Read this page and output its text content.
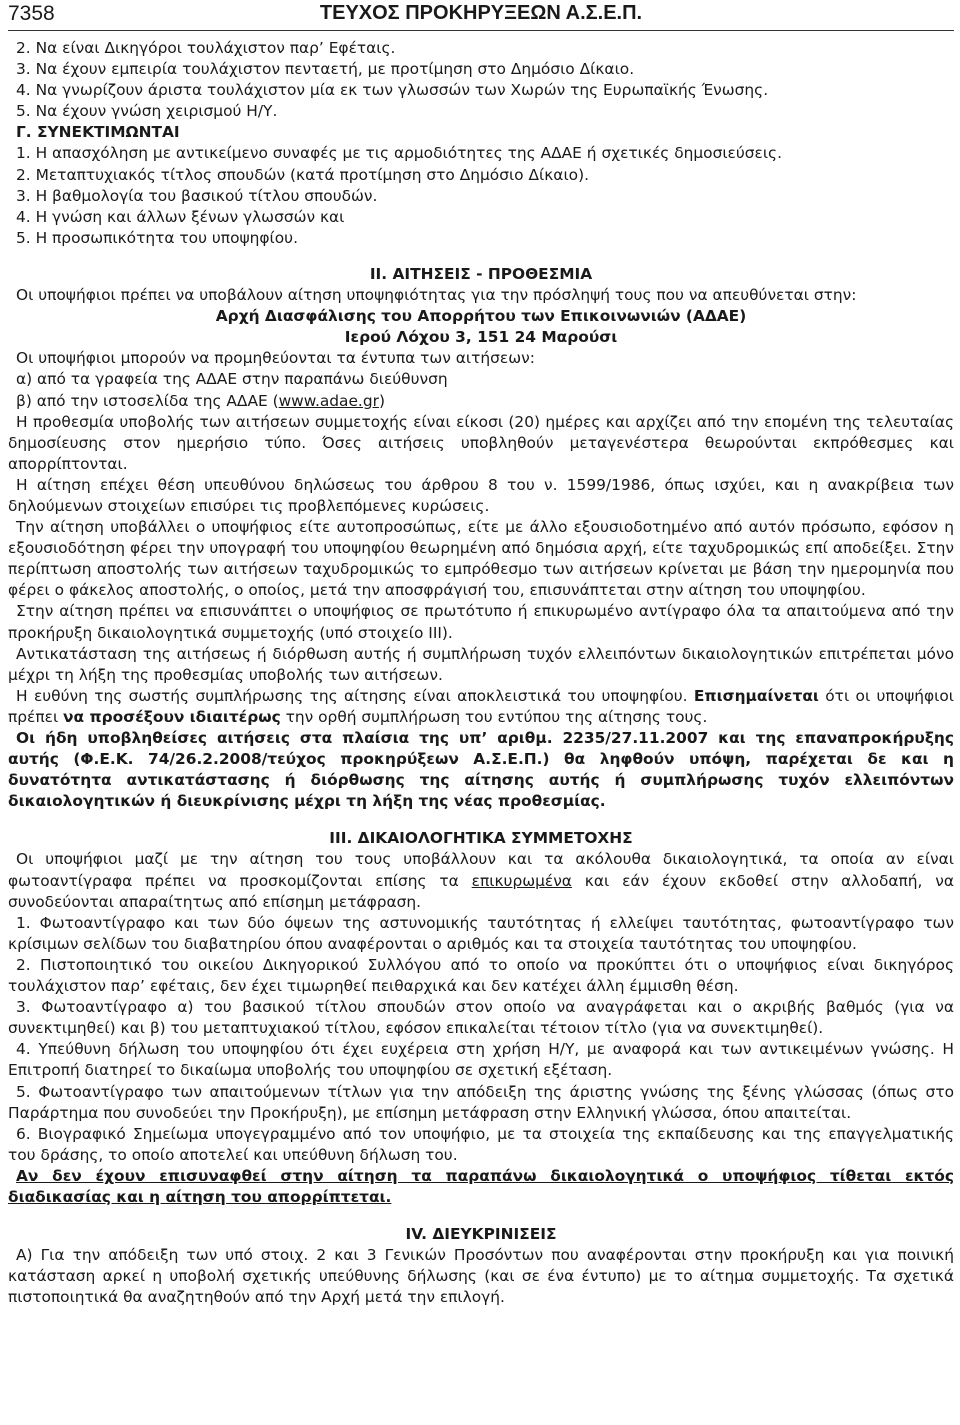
7358	ΤΕΥΧΟΣ ΠΡΟΚΗΡΥΞΕΩΝ Α.Σ.Ε.Π.

2. Να είναι Δικηγόροι τουλάχιστον παρ’ Εφέταις.

3. Να έχουν εμπειρία τουλάχιστον πενταετή, με προτίμηση στο Δημόσιο Δίκαιο.

4. Να γνωρίζουν άριστα τουλάχιστον μία εκ των γλωσσών των Χωρών της Ευρωπαϊκής Ένωσης.

5. Να έχουν γνώση χειρισμού Η/Υ.

Γ. ΣΥΝΕΚΤΙΜΩΝΤΑΙ

1. Η απασχόληση με αντικείμενο συναφές με τις αρμοδιότητες της ΑΔΑΕ ή σχετικές δημοσιεύσεις.

2. Μεταπτυχιακός τίτλος σπουδών (κατά προτίμηση στο Δημόσιο Δίκαιο).

3. Η βαθμολογία του βασικού τίτλου σπουδών.

4. Η γνώση και άλλων ξένων γλωσσών και

5. Η προσωπικότητα του υποψηφίου.

ΙΙ. ΑΙΤΗΣΕΙΣ - ΠΡΟΘΕΣΜΙΑ

Οι υποψήφιοι πρέπει να υποβάλουν αίτηση υποψηφιότητας για την πρόσληψή τους που να απευθύνεται στην:

Αρχή Διασφάλισης του Απορρήτου των Επικοινωνιών (ΑΔΑΕ)

Ιερού Λόχου 3, 151 24 Μαρούσι

Οι υποψήφιοι μπορούν να προμηθεύονται τα έντυπα των αιτήσεων:

α) από τα γραφεία της ΑΔΑΕ στην παραπάνω διεύθυνση

β) από την ιστοσελίδα της ΑΔΑΕ (www.adae.gr)

Η προθεσμία υποβολής των αιτήσεων συμμετοχής είναι είκοσι (20) ημέρες και αρχίζει από την επομένη της τελευταίας δημοσίευσης στον ημερήσιο τύπο. Όσες αιτήσεις υποβληθούν μεταγενέστερα θεωρούνται εκπρόθεσμες και απορρίπτονται.

Η αίτηση επέχει θέση υπευθύνου δηλώσεως του άρθρου 8 του ν. 1599/1986, όπως ισχύει, και η ανακρίβεια των δηλούμενων στοιχείων επισύρει τις προβλεπόμενες κυρώσεις.

Την αίτηση υποβάλλει ο υποψήφιος είτε αυτοπροσώπως, είτε με άλλο εξουσιοδοτημένο από αυτόν πρόσωπο, εφόσον η εξουσιοδότηση φέρει την υπογραφή του υποψηφίου θεωρημένη από δημόσια αρχή, είτε ταχυδρομικώς επί αποδείξει. Στην περίπτωση αποστολής των αιτήσεων ταχυδρομικώς το εμπρόθεσμο των αιτήσεων κρίνεται με βάση την ημερομηνία που φέρει ο φάκελος αποστολής, ο οποίος, μετά την αποσφράγισή του, επισυνάπτεται στην αίτηση του υποψηφίου.

Στην αίτηση πρέπει να επισυνάπτει ο υποψήφιος σε πρωτότυπο ή επικυρωμένο αντίγραφο όλα τα απαιτούμενα από την προκήρυξη δικαιολογητικά συμμετοχής (υπό στοιχείο ΙΙΙ).

Αντικατάσταση της αιτήσεως ή διόρθωση αυτής ή συμπλήρωση τυχόν ελλειπόντων δικαιολογητικών επιτρέπεται μόνο μέχρι τη λήξη της προθεσμίας υποβολής των αιτήσεων.

Η ευθύνη της σωστής συμπλήρωσης της αίτησης είναι αποκλειστικά του υποψηφίου. Επισημαίνεται ότι οι υποψήφιοι πρέπει να προσέξουν ιδιαιτέρως την ορθή συμπλήρωση του εντύπου της αίτησης τους.

Οι ήδη υποβληθείσες αιτήσεις στα πλαίσια της υπ’ αριθμ. 2235/27.11.2007 και της επαναπροκήρυξης αυτής (Φ.Ε.Κ. 74/26.2.2008/τεύχος προκηρύξεων Α.Σ.Ε.Π.) θα ληφθούν υπόψη, παρέχεται δε και η δυνατότητα αντικατάστασης ή διόρθωσης της αίτησης αυτής ή συμπλήρωσης τυχόν ελλειπόντων δικαιολογητικών ή διευκρίνισης μέχρι τη λήξη της νέας προθεσμίας.

ΙΙΙ. ΔΙΚΑΙΟΛΟΓΗΤΙΚΑ ΣΥΜΜΕΤΟΧΗΣ

Οι υποψήφιοι μαζί με την αίτηση του τους υποβάλλουν και τα ακόλουθα δικαιολογητικά, τα οποία αν είναι φωτοαντίγραφα πρέπει να προσκομίζονται επίσης τα επικυρωμένα και εάν έχουν εκδοθεί στην αλλοδαπή, να συνοδεύονται απαραίτητως από επίσημη μετάφραση.

1. Φωτοαντίγραφο και των δύο όψεων της αστυνομικής ταυτότητας ή ελλείψει ταυτότητας, φωτοαντίγραφο των κρίσιμων σελίδων του διαβατηρίου όπου αναφέρονται ο αριθμός και τα στοιχεία ταυτότητας του υποψηφίου.

2. Πιστοποιητικό του οικείου Δικηγορικού Συλλόγου από το οποίο να προκύπτει ότι ο υποψήφιος είναι δικηγόρος τουλάχιστον παρ’ εφέταις, δεν έχει τιμωρηθεί πειθαρχικά και δεν κατέχει άλλη έμμισθη θέση.

3. Φωτοαντίγραφο α) του βασικού τίτλου σπουδών στον οποίο να αναγράφεται και ο ακριβής βαθμός (για να συνεκτιμηθεί) και β) του μεταπτυχιακού τίτλου, εφόσον επικαλείται τέτοιον τίτλο (για να συνεκτιμηθεί).

4. Υπεύθυνη δήλωση του υποψηφίου ότι έχει ευχέρεια στη χρήση Η/Υ, με αναφορά και των αντικειμένων γνώσης. Η Επιτροπή διατηρεί το δικαίωμα υποβολής του υποψηφίου σε σχετική εξέταση.

5. Φωτοαντίγραφο των απαιτούμενων τίτλων για την απόδειξη της άριστης γνώσης της ξένης γλώσσας (όπως στο Παράρτημα που συνοδεύει την Προκήρυξη), με επίσημη μετάφραση στην Ελληνική γλώσσα, όπου απαιτείται.

6. Βιογραφικό Σημείωμα υπογεγραμμένο από τον υποψήφιο, με τα στοιχεία της εκπαίδευσης και της επαγγελματικής του δράσης, το οποίο αποτελεί και υπεύθυνη δήλωση του.

Αν δεν έχουν επισυναφθεί στην αίτηση τα παραπάνω δικαιολογητικά ο υποψήφιος τίθεται εκτός διαδικασίας και η αίτηση του απορρίπτεται.

IV. ΔΙΕΥΚΡΙΝΙΣΕΙΣ

Α) Για την απόδειξη των υπό στοιχ. 2 και 3 Γενικών Προσόντων που αναφέρονται στην προκήρυξη και για ποινική κατάσταση αρκεί η υποβολή σχετικής υπεύθυνης δήλωσης (και σε ένα έντυπο) με το αίτημα συμμετοχής. Τα σχετικά πιστοποιητικά θα αναζητηθούν από την Αρχή μετά την επιλογή.
